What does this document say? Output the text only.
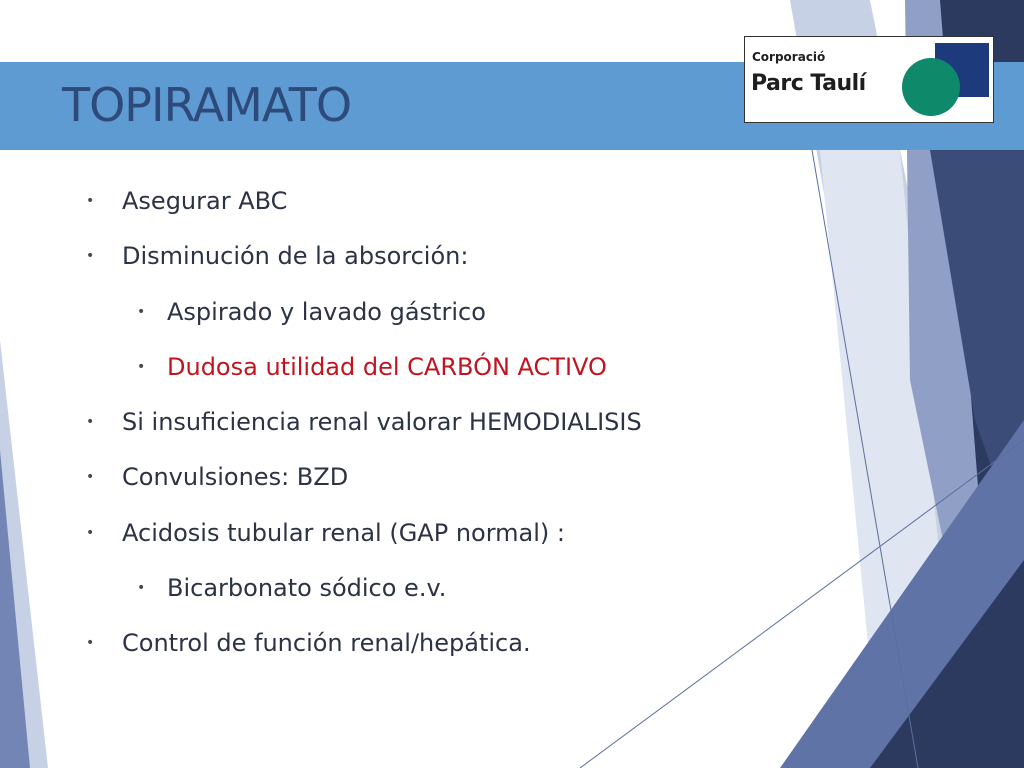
TOPIRAMATO
Corporació
Parc Taulí
• Asegurar ABC
• Disminución de la absorción:
• Aspirado y lavado gástrico
• Dudosa utilidad del CARBÓN ACTIVO
• Si insuficiencia renal valorar HEMODIALISIS
• Convulsiones: BZD
• Acidosis tubular renal (GAP normal) :
• Bicarbonato sódico e.v.
• Control de función renal/hepática.
